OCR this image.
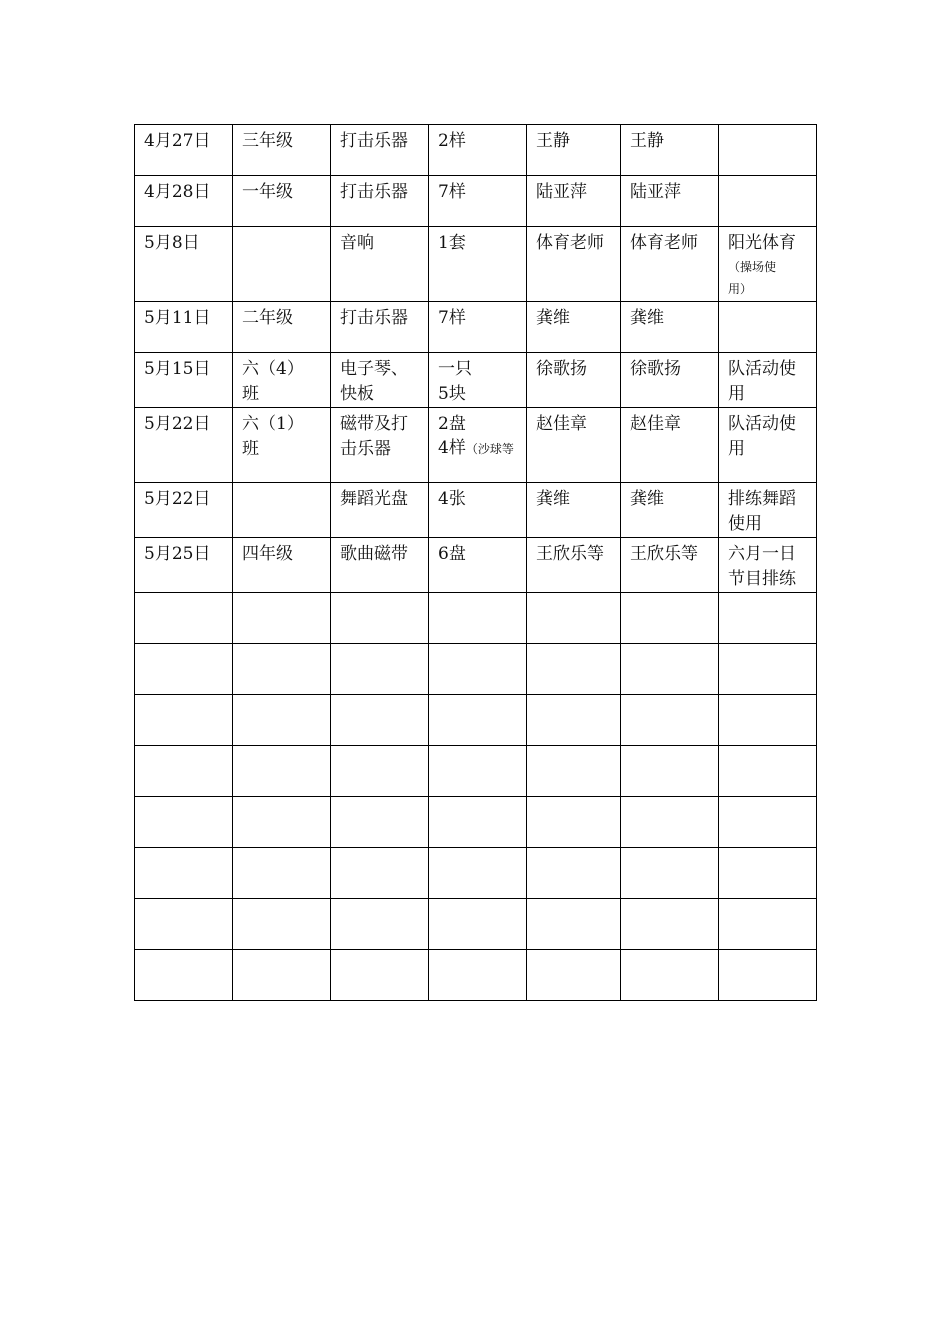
4月27日	三年级	打击乐器	2样	王静	王静	

4月28日	一年级	打击乐器	7样	陆亚萍	陆亚萍	

5月8日		音响	1套	体育老师	体育老师	阳光体育
（操场使用）

5月11日	二年级	打击乐器	7样	龚维	龚维	

5月15日	六（4）班	电子琴、快板	一只
5块	徐歌扬	徐歌扬	队活动使用

5月22日	六（1）班	磁带及打击乐器	2盘
4样（沙球等	赵佳章	赵佳章	队活动使用

5月22日		舞蹈光盘	4张	龚维	龚维	排练舞蹈使用

5月25日	四年级	歌曲磁带	6盘	王欣乐等	王欣乐等	六月一日节目排练
